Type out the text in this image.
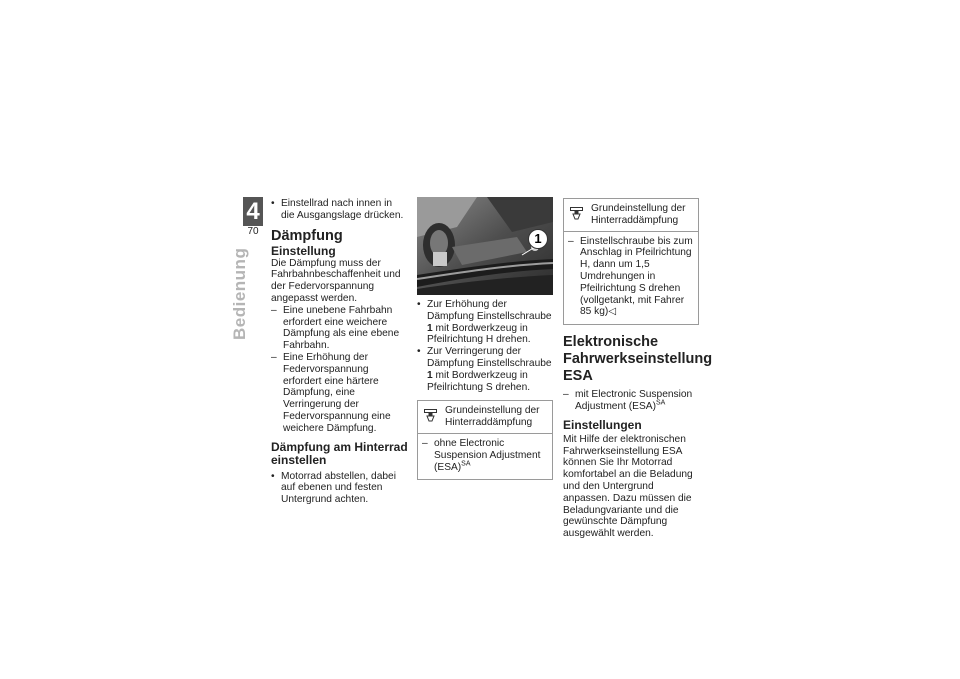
4
70
Bedienung
• Einstellrad nach innen in die Ausgangslage drücken.
Dämpfung
Einstellung

Die Dämpfung muss der Fahrbahnbeschaffenheit und der Federvorspannung angepasst werden.

– Eine unebene Fahrbahn erfordert eine weichere Dämpfung als eine ebene Fahrbahn.
– Eine Erhöhung der Federvorspannung erfordert eine härtere Dämpfung, eine Verringerung der Federvorspannung eine weichere Dämpfung.
Dämpfung am Hinterrad einstellen
• Motorrad abstellen, dabei auf ebenen und festen Untergrund achten.
1
• Zur Erhöhung der Dämpfung Einstellschraube 1 mit Bordwerkzeug in Pfeilrichtung H drehen.
• Zur Verringerung der Dämpfung Einstellschraube 1 mit Bordwerkzeug in Pfeilrichtung S drehen.
Grundeinstellung der Hinterraddämpfung
– ohne Electronic Suspension Adjustment (ESA)$^{SA}$
Grundeinstellung der Hinterraddämpfung
– Einstellschraube bis zum Anschlag in Pfeilrichtung H, dann um 1,5 Umdrehungen in Pfeilrichtung S drehen (vollgetankt, mit Fahrer 85 kg)◁
Elektronische Fahrwerkseinstellung ESA
– mit Electronic Suspension Adjustment (ESA)$^{SA}$
Einstellungen

Mit Hilfe der elektronischen Fahrwerkseinstellung ESA können Sie Ihr Motorrad komfortabel an die Beladung und den Untergrund anpassen. Dazu müssen die Beladungvariante und die gewünschte Dämpfung ausgewählt werden.
